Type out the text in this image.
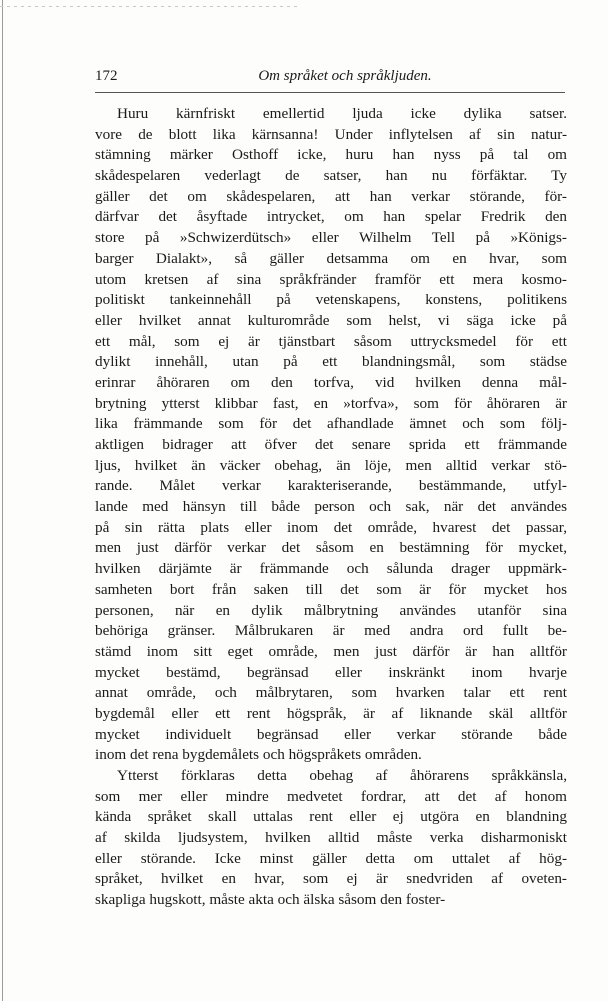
172	Om språket och språkljuden.
Huru kärnfriskt emellertid ljuda icke dylika satser.
vore de blott lika kärnsanna! Under inflytelsen af sin natur-
stämning märker Osthoff icke, huru han nyss på tal om
skådespelaren vederlagt de satser, han nu förfäktar. Ty
gäller det om skådespelaren, att han verkar störande, för-
därfvar det åsyftade intrycket, om han spelar Fredrik den
store på »Schwizerdütsch» eller Wilhelm Tell på »Königs-
barger Dialakt», så gäller detsamma om en hvar, som
utom kretsen af sina språkfränder framför ett mera kosmo-
politiskt tankeinnehåll på vetenskapens, konstens, politikens
eller hvilket annat kulturområde som helst, vi säga icke på
ett mål, som ej är tjänstbart såsom uttrycksmedel för ett
dylikt innehåll, utan på ett blandningsmål, som städse
erinrar åhöraren om den torfva, vid hvilken denna mål-
brytning ytterst klibbar fast, en »torfva», som för åhöraren är
lika främmande som för det afhandlade ämnet och som följ-
aktligen bidrager att öfver det senare sprida ett främmande
ljus, hvilket än väcker obehag, än löje, men alltid verkar stö-
rande. Målet verkar karakteriserande, bestämmande, utfyl-
lande med hänsyn till både person och sak, när det användes
på sin rätta plats eller inom det område, hvarest det passar,
men just därför verkar det såsom en bestämning för mycket,
hvilken därjämte är främmande och sålunda drager uppmärk-
samheten bort från saken till det som är för mycket hos
personen, när en dylik målbrytning användes utanför sina
behöriga gränser. Målbrukaren är med andra ord fullt be-
stämd inom sitt eget område, men just därför är han alltför
mycket bestämd, begränsad eller inskränkt inom hvarje
annat område, och målbrytaren, som hvarken talar ett rent
bygdemål eller ett rent högspråk, är af liknande skäl alltför
mycket individuelt begränsad eller verkar störande både
inom det rena bygdemålets och högspråkets områden.
Ytterst förklaras detta obehag af åhörarens språkkänsla,
som mer eller mindre medvetet fordrar, att det af honom
kända språket skall uttalas rent eller ej utgöra en blandning
af skilda ljudsystem, hvilken alltid måste verka disharmoniskt
eller störande. Icke minst gäller detta om uttalet af hög-
språket, hvilket en hvar, som ej är snedvriden af oveten-
skapliga hugskott, måste akta och älska såsom den foster-
